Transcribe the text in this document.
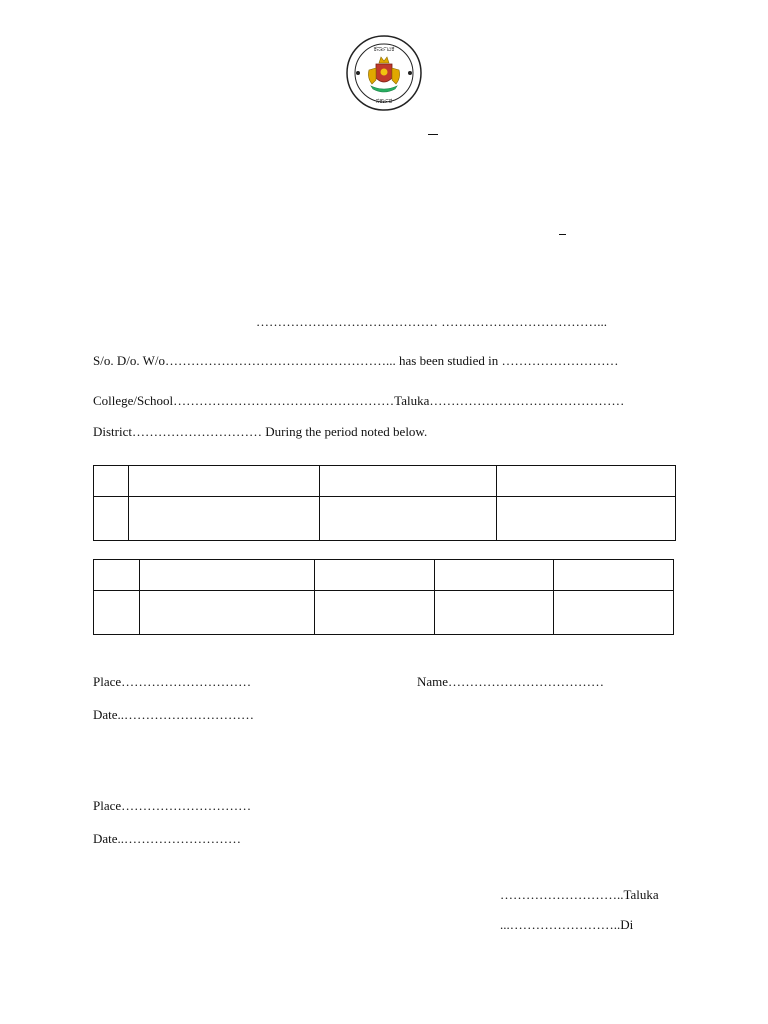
ಕರ್ನಾಟಕ
ಸರ್ಕಾರ
…………………………………… ………………………………...
S/o. D/o. W/o……………………………………………... has been studied in ………………………
College/School……………………………………………Taluka………………………………………
District………………………… During the period noted below.

Place…………………………	Name………………………………
Date..…………………………
Place…………………………
Date..………………………
………………………..Taluka
...……………………..Di
